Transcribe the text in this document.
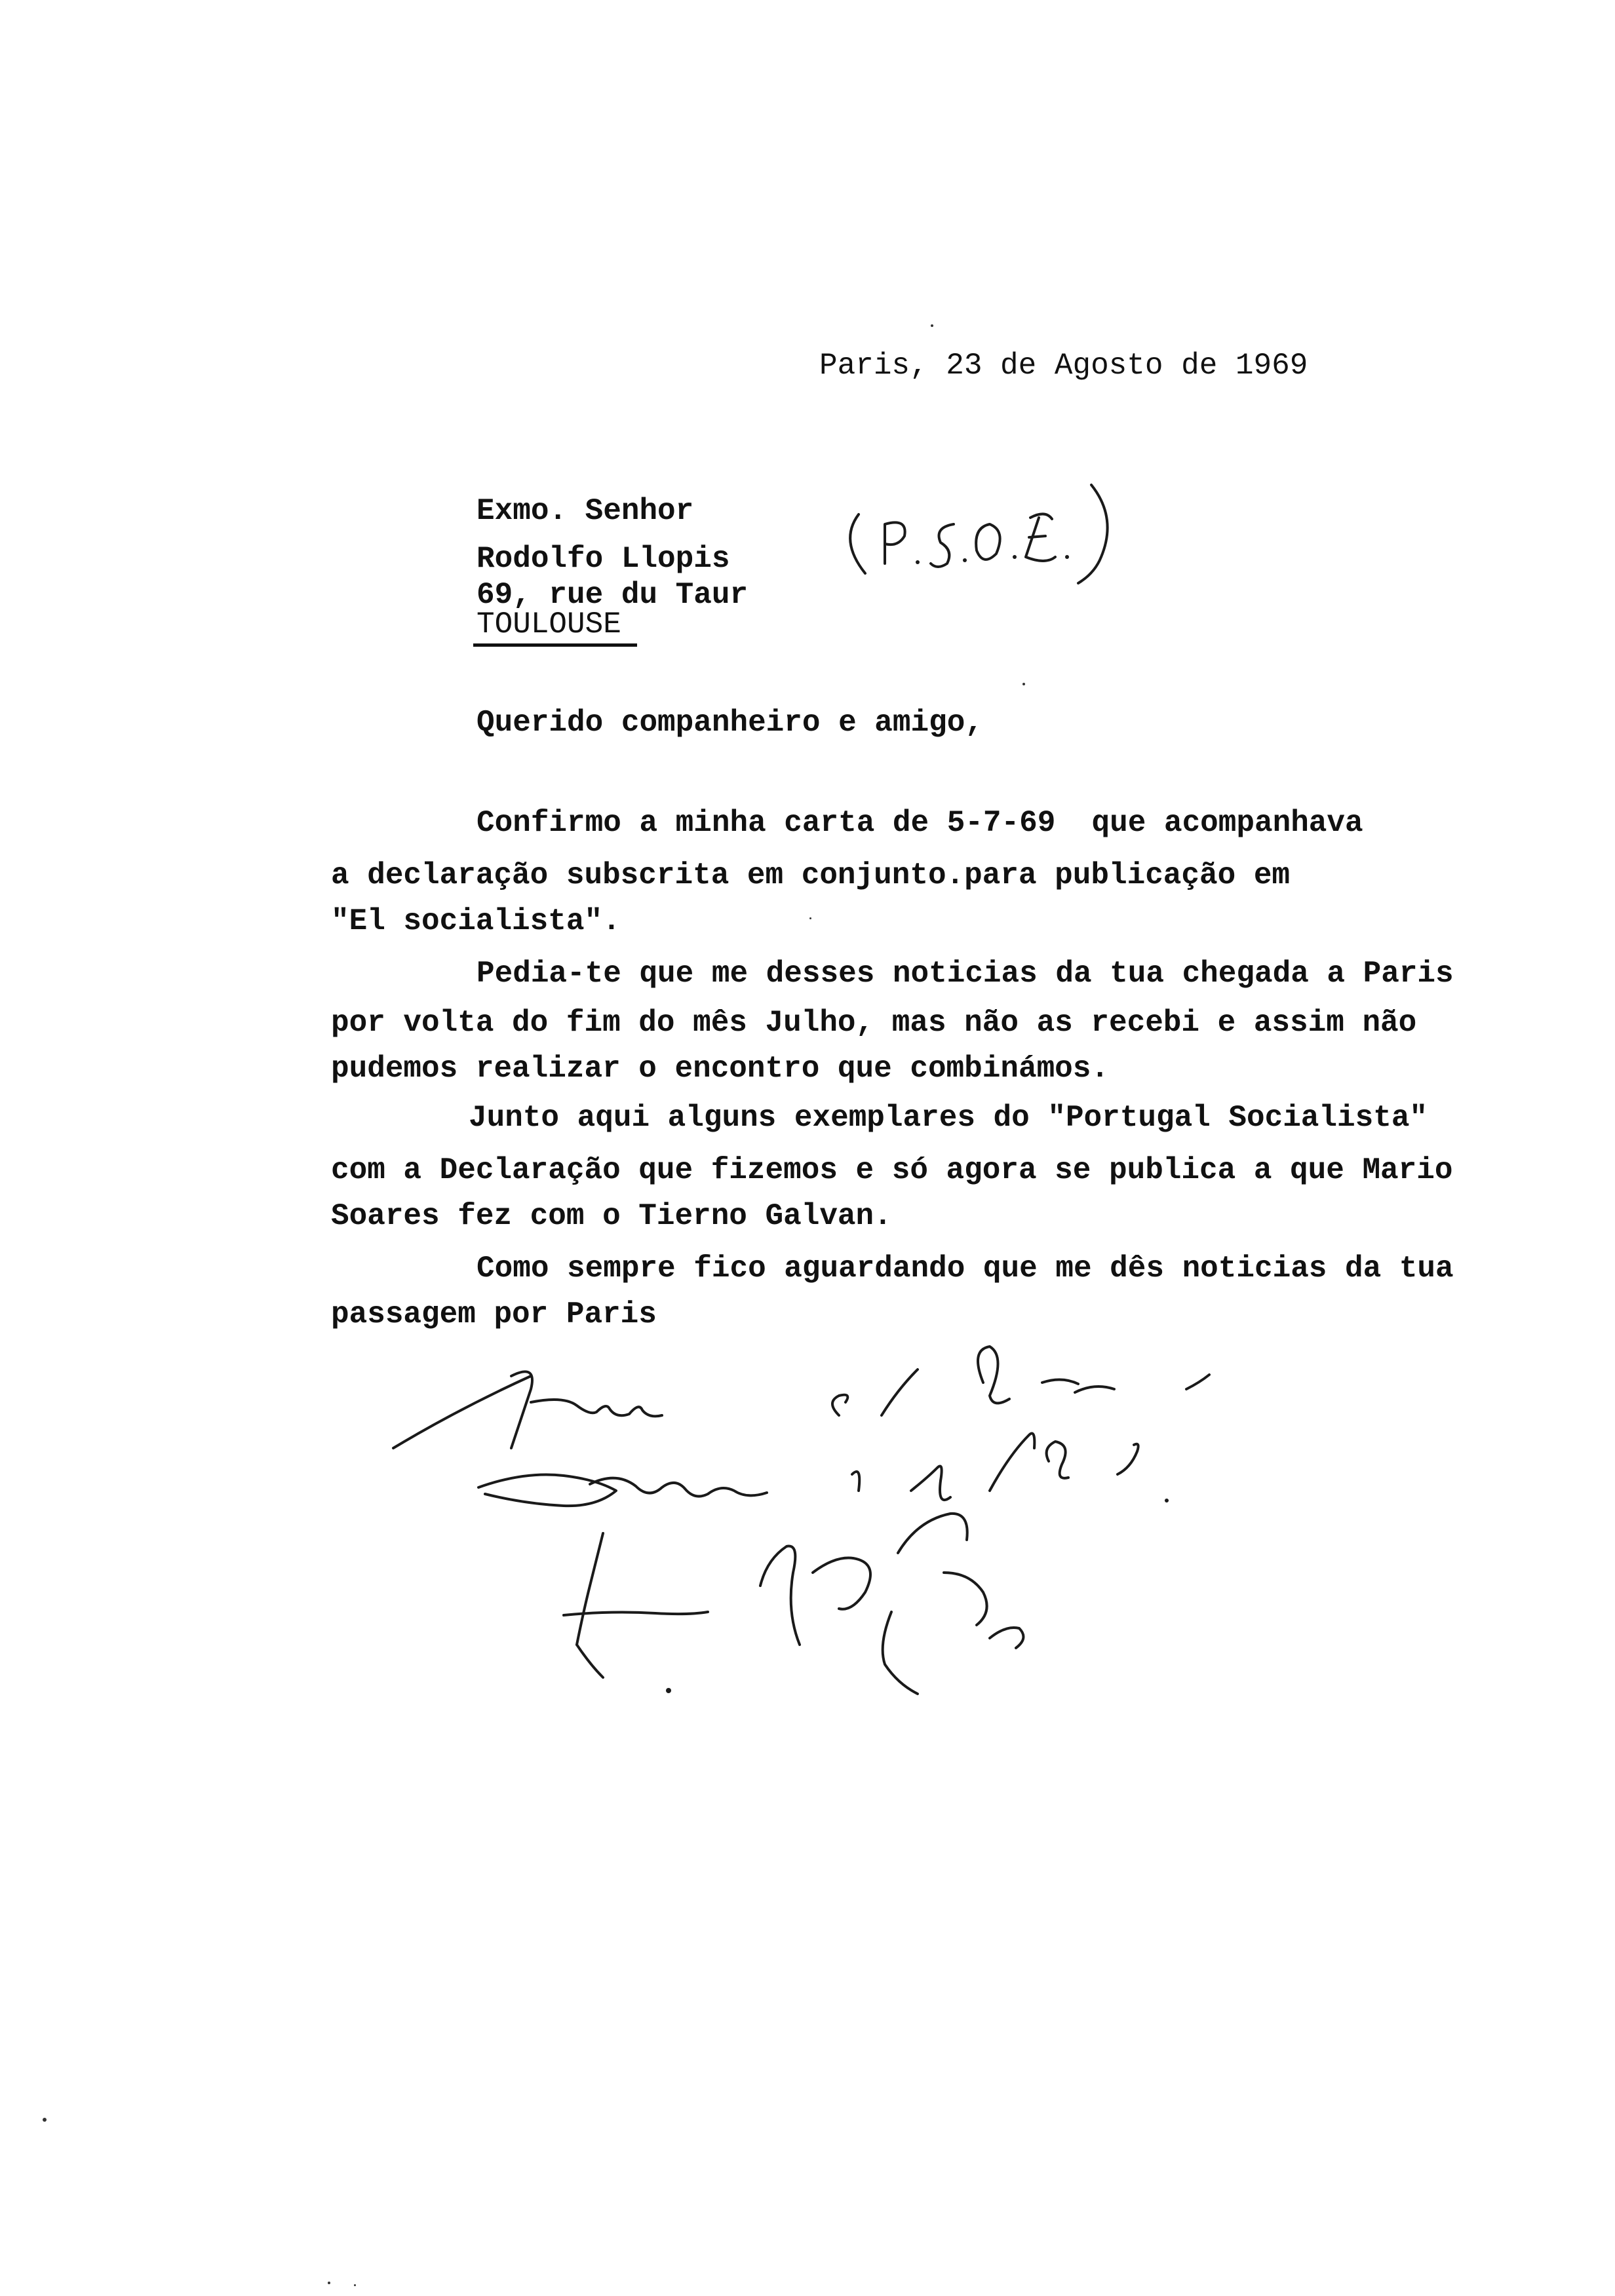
Paris, 23 de Agosto de 1969
Exmo. Senhor
Rodolfo Llopis
69, rue du Taur
TOULOUSE
Querido companheiro e amigo,
Confirmo a minha carta de 5-7-69  que acompanhava
a declaração subscrita em conjunto.para publicação em
"El socialista".
Pedia-te que me desses noticias da tua chegada a Paris
por volta do fim do mês Julho, mas não as recebi e assim não
pudemos realizar o encontro que combinámos.
Junto aqui alguns exemplares do "Portugal Socialista"
com a Declaração que fizemos e só agora se publica a que Mario
Soares fez com o Tierno Galvan.
Como sempre fico aguardando que me dês noticias da tua
passagem por Paris
